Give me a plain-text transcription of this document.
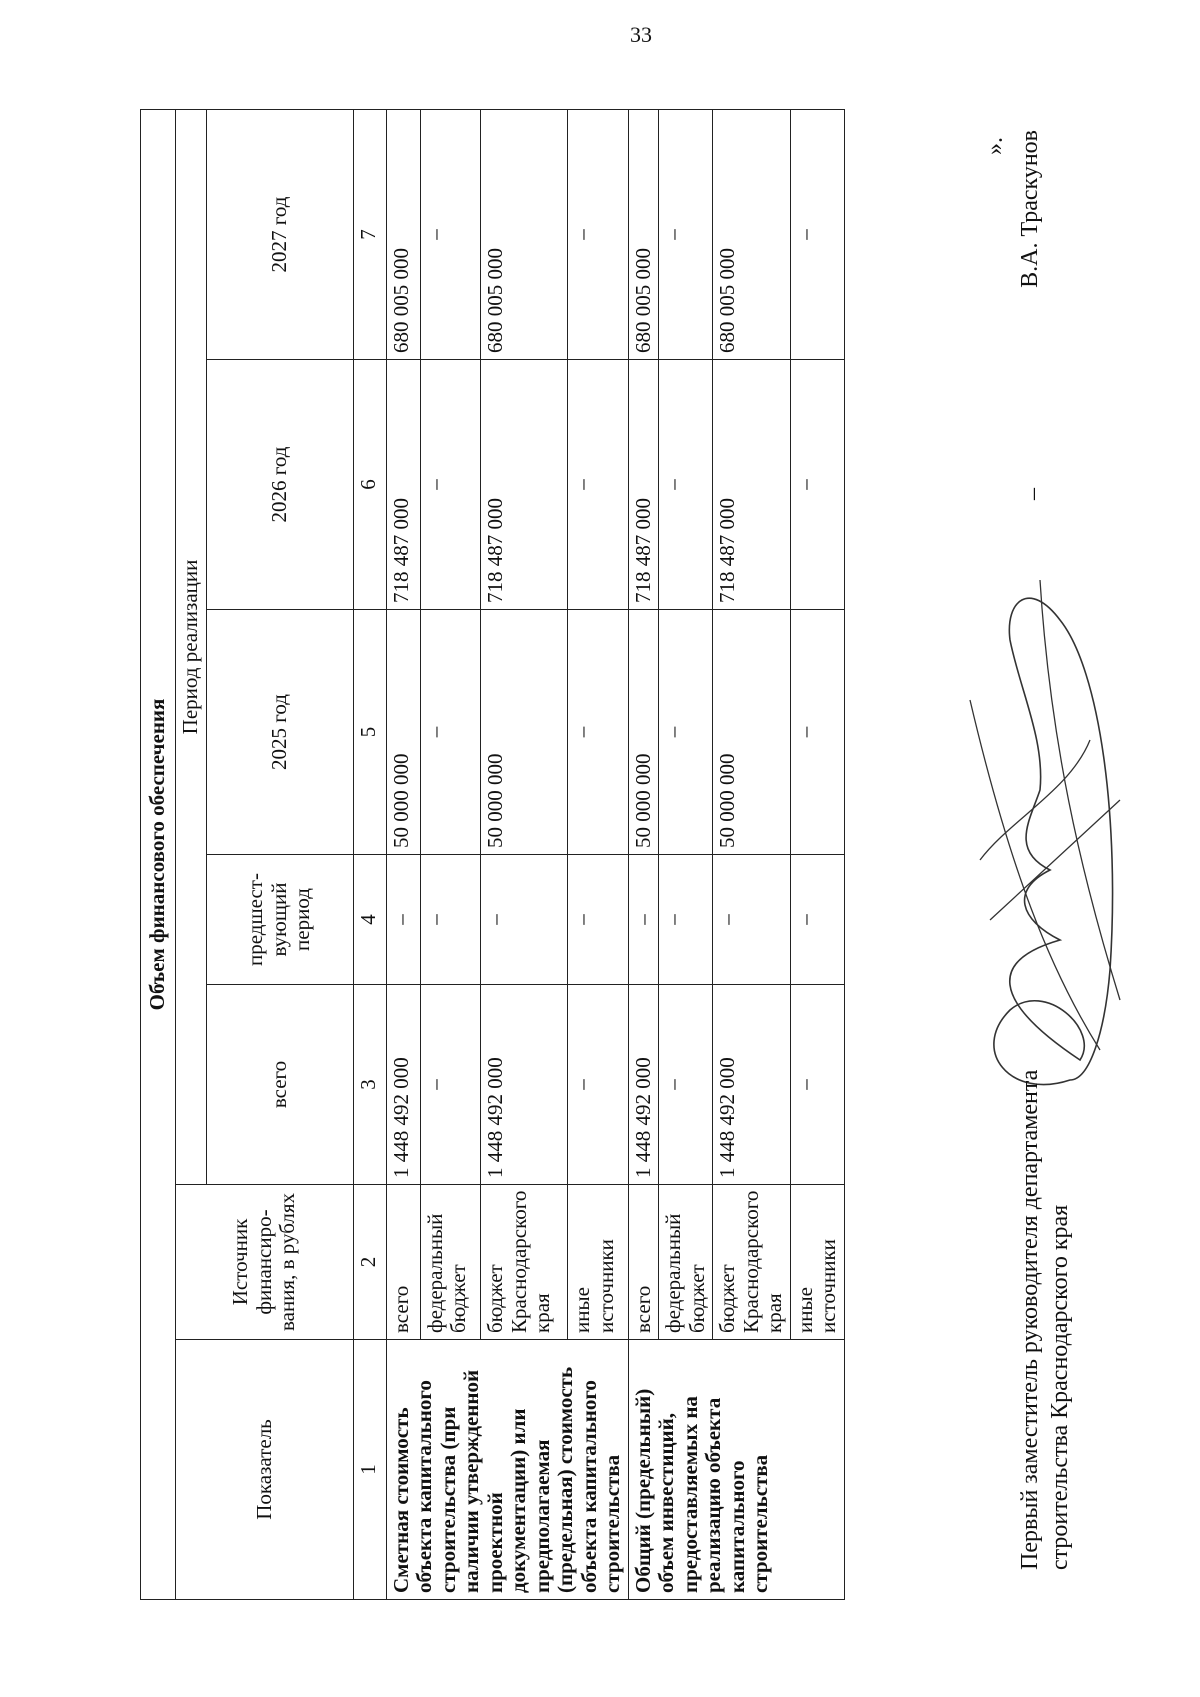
33
Объем финансового обеспечения						
Показатель	Источник финансиро-вания, в рублях	Период реализации				
		всего	предшест-вующий период	2025 год	2026 год	2027 год
1	2	3	4	5	6	7
Сметная стоимость объекта капитального строительства (при наличии утвержденной проектной документации) или предполагаемая (предельная) стоимость объекта капитального строительства	всего	1 448 492 000	–	50 000 000	718 487 000	680 005 000
	федеральный бюджет	–	–	–	–	–
	бюджет Краснодарского края	1 448 492 000	–	50 000 000	718 487 000	680 005 000
	иные источники	–	–	–	–	–
Общий (предельный) объем инвестиций, предоставляемых на реализацию объекта капитального строительства	всего	1 448 492 000	–	50 000 000	718 487 000	680 005 000
	федеральный бюджет	–	–	–	–	–
	бюджет Краснодарского края	1 448 492 000	–	50 000 000	718 487 000	680 005 000
	иные источники	–	–	–	–	–
».
–
Первый заместитель руководителя департамента строительства Краснодарского края
В.А. Траскунов
